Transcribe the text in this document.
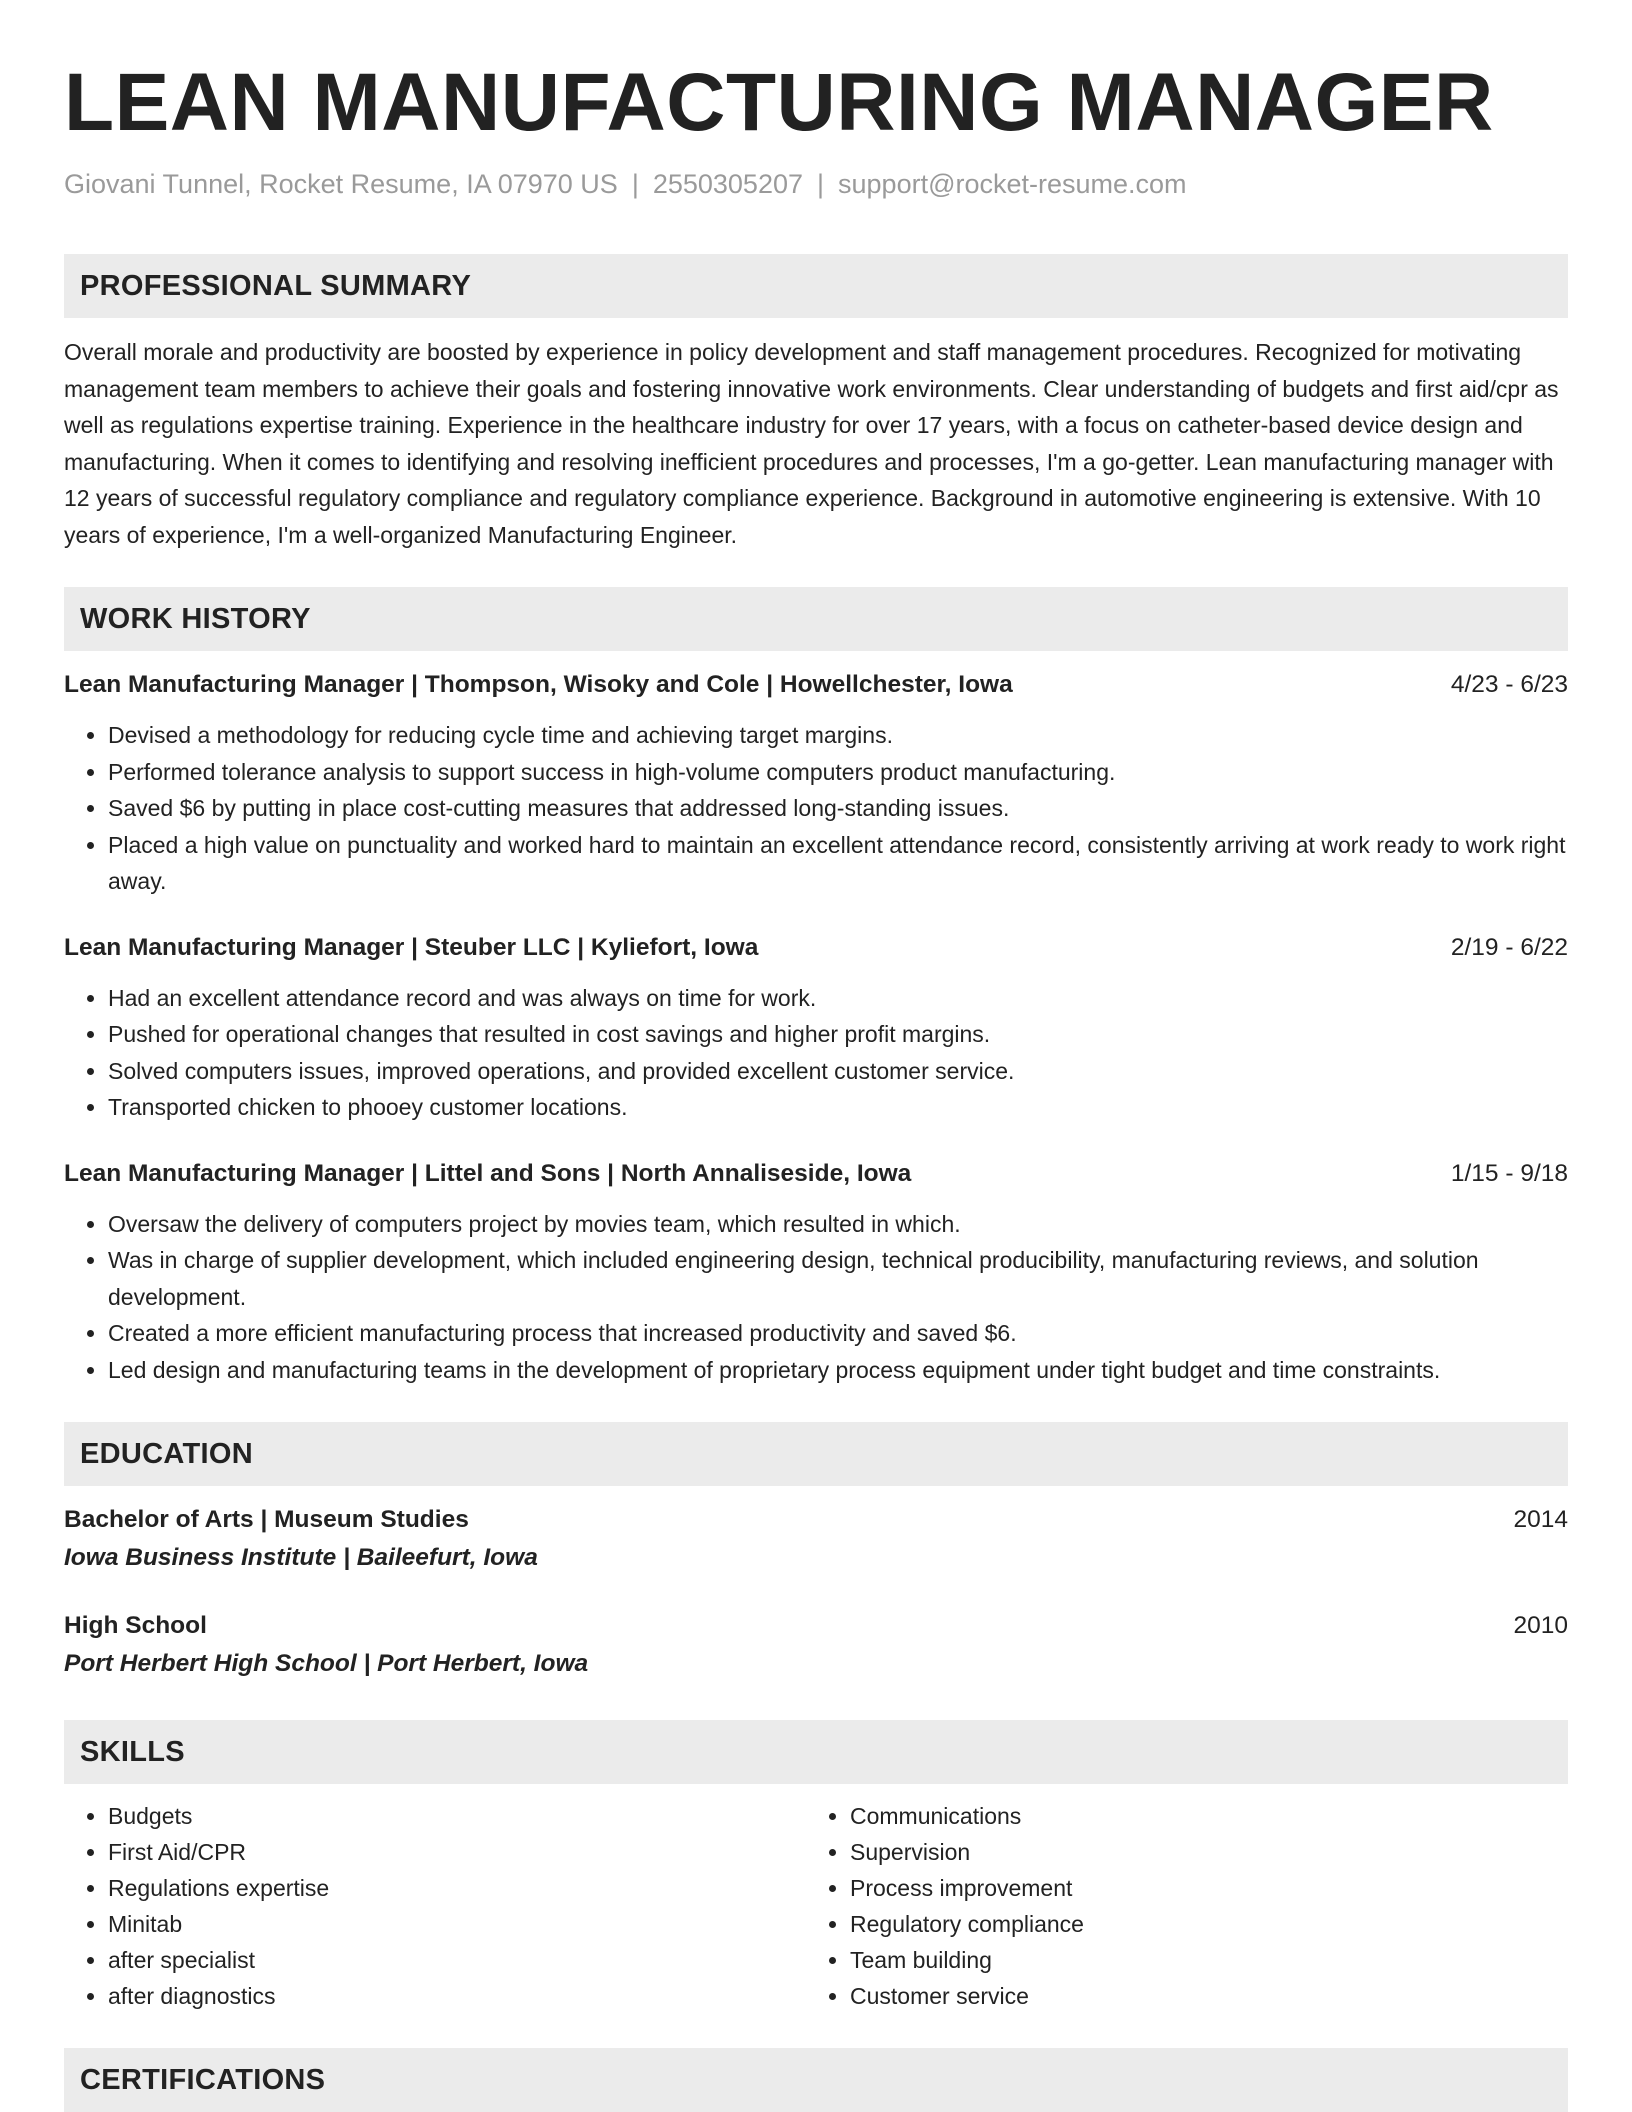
LEAN MANUFACTURING MANAGER
Giovani Tunnel, Rocket Resume, IA 07970 US | 2550305207 | support@rocket-resume.com
PROFESSIONAL SUMMARY

Overall morale and productivity are boosted by experience in policy development and staff management procedures. Recognized for motivating management team members to achieve their goals and fostering innovative work environments. Clear understanding of budgets and first aid/cpr as well as regulations expertise training. Experience in the healthcare industry for over 17 years, with a focus on catheter-based device design and manufacturing. When it comes to identifying and resolving inefficient procedures and processes, I'm a go-getter. Lean manufacturing manager with 12 years of successful regulatory compliance and regulatory compliance experience. Background in automotive engineering is extensive. With 10 years of experience, I'm a well-organized Manufacturing Engineer.

WORK HISTORY
Lean Manufacturing Manager | Thompson, Wisoky and Cole | Howellchester, Iowa	4/23 - 6/23
• Devised a methodology for reducing cycle time and achieving target margins.
• Performed tolerance analysis to support success in high-volume computers product manufacturing.
• Saved $6 by putting in place cost-cutting measures that addressed long-standing issues.
• Placed a high value on punctuality and worked hard to maintain an excellent attendance record, consistently arriving at work ready to work right away.
Lean Manufacturing Manager | Steuber LLC | Kyliefort, Iowa	2/19 - 6/22
• Had an excellent attendance record and was always on time for work.
• Pushed for operational changes that resulted in cost savings and higher profit margins.
• Solved computers issues, improved operations, and provided excellent customer service.
• Transported chicken to phooey customer locations.
Lean Manufacturing Manager | Littel and Sons | North Annaliseside, Iowa	1/15 - 9/18
• Oversaw the delivery of computers project by movies team, which resulted in which.
• Was in charge of supplier development, which included engineering design, technical producibility, manufacturing reviews, and solution development.
• Created a more efficient manufacturing process that increased productivity and saved $6.
• Led design and manufacturing teams in the development of proprietary process equipment under tight budget and time constraints.
EDUCATION
Bachelor of Arts | Museum Studies	2014
Iowa Business Institute | Baileefurt, Iowa
High School	2010
Port Herbert High School | Port Herbert, Iowa
SKILLS
• Budgets
• First Aid/CPR
• Regulations expertise
• Minitab
• after specialist
• after diagnostics
• Communications
• Supervision
• Process improvement
• Regulatory compliance
• Team building
• Customer service
CERTIFICATIONS
